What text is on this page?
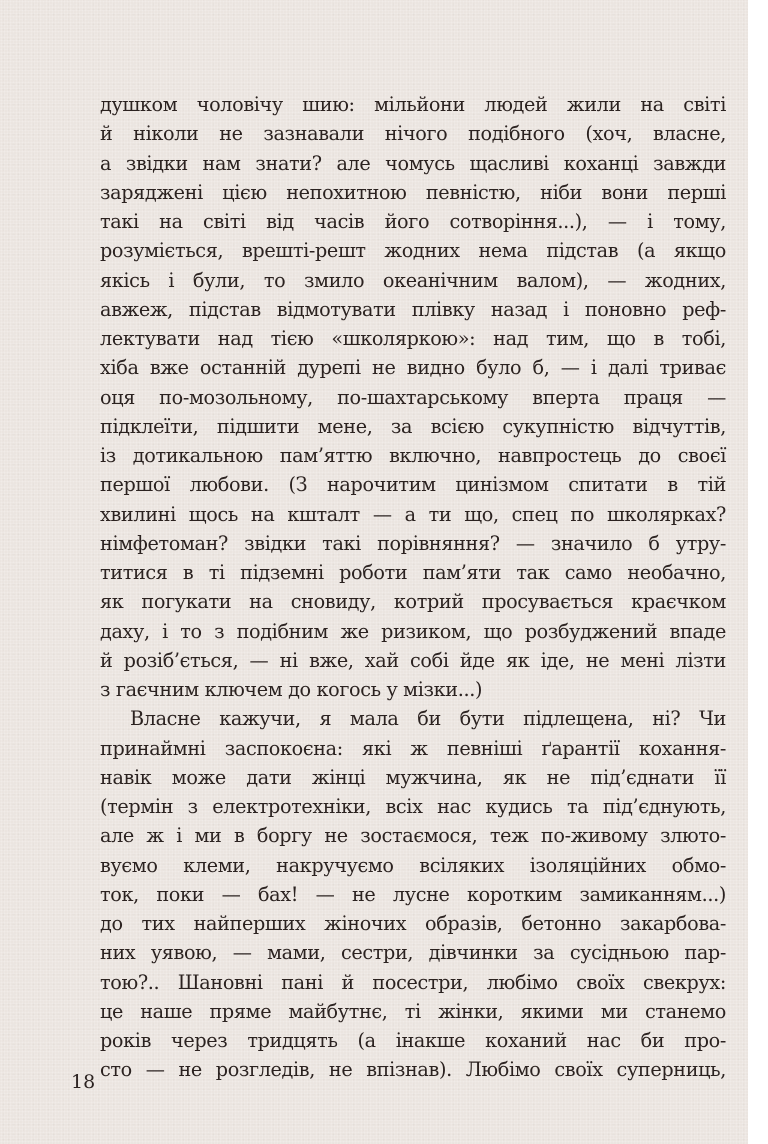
душком чоловічу шию: мільйони людей жили на світі
й ніколи не зазнавали нічого подібного (хоч, власне,
а звідки нам знати? але чомусь щасливі коханці завжди
заряджені цією непохитною певністю, ніби вони перші
такі на світі від часів його сотворіння...), — і тому,
розуміється, врешті-решт жодних нема підстав (а якщо
якісь і були, то змило океанічним валом), — жодних,
авжеж, підстав відмотувати плівку назад і поновно реф-
лектувати над тією «школяркою»: над тим, що в тобі,
хіба вже останній дурепі не видно було б, — і далі триває
оця по-мозольному, по-шахтарському вперта праця —
підклеїти, підшити мене, за всією сукупністю відчуттів,
із дотикальною пам’яттю включно, навпростець до своєї
першої любови. (З нарочитим цинізмом спитати в тій
хвилині щось на кшталт — а ти що, спец по школярках?
німфетоман? звідки такі порівняння? — значило б утру-
титися в ті підземні роботи пам’яти так само необачно,
як погукати на сновиду, котрий просувається краєчком
даху, і то з подібним же ризиком, що розбуджений впаде
й розіб’ється, — ні вже, хай собі йде як іде, не мені лізти
з гаєчним ключем до когось у мізки...)
Власне кажучи, я мала би бути підлещена, ні? Чи
принаймні заспокоєна: які ж певніші ґарантії кохання-
навік може дати жінці мужчина, як не під’єднати її
(термін з електротехніки, всіх нас кудись та під’єднують,
але ж і ми в боргу не зостаємося, теж по-живому злюто-
вуємо клеми, накручуємо всіляких ізоляційних обмо-
ток, поки — бах! — не лусне коротким замиканням...)
до тих найперших жіночих образів, бетонно закарбова-
них уявою, — мами, сестри, дівчинки за сусідньою пар-
тою?.. Шановні пані й посестри, любімо своїх свекрух:
це наше пряме майбутнє, ті жінки, якими ми станемо
років через тридцять (а інакше коханий нас би про-
сто — не розгледів, не впізнав). Любімо своїх суперниць,
18
